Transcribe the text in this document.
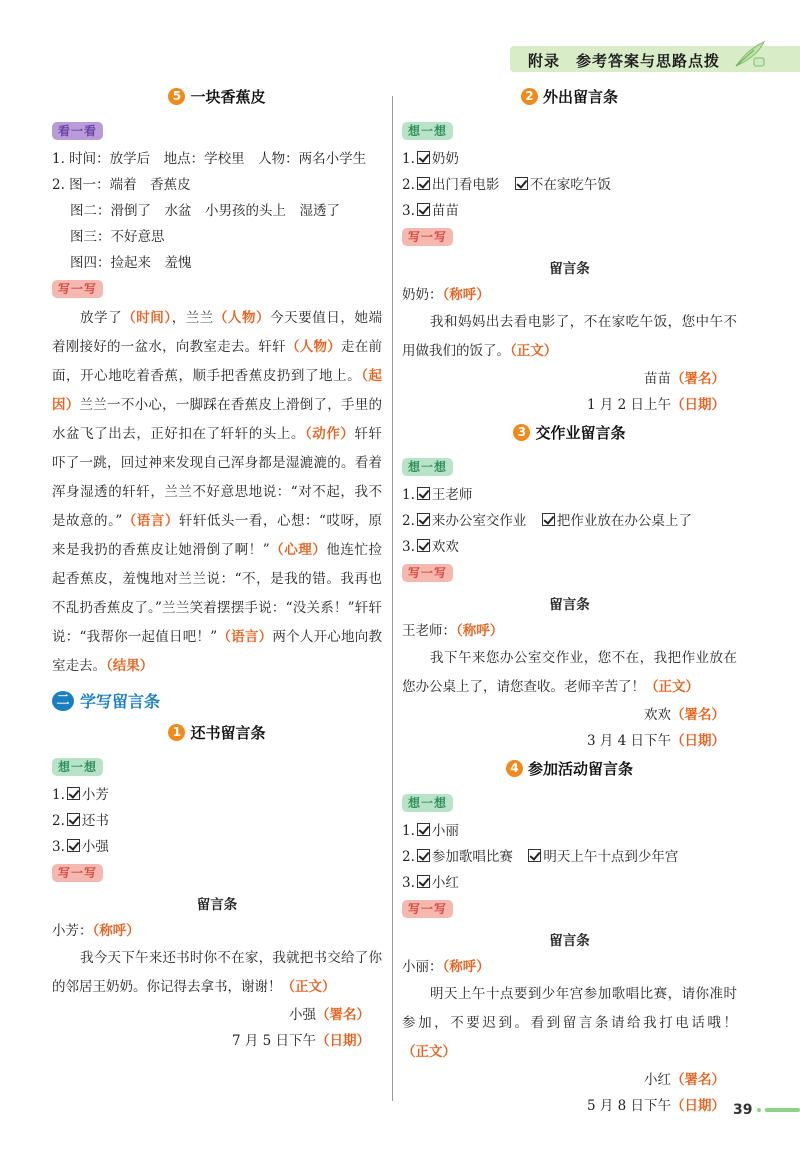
附录　参考答案与思路点拨
5 一块香蕉皮
看一看
1. 时间：放学后　地点：学校里　人物：两名小学生
2. 图一：端着　香蕉皮
图二：滑倒了　水盆　小男孩的头上　湿透了
图三：不好意思
图四：捡起来　羞愧
写一写

放学了（时间），兰兰（人物）今天要值日，她端着刚接好的一盆水，向教室走去。轩轩（人物）走在前面，开心地吃着香蕉，顺手把香蕉皮扔到了地上。（起因）兰兰一不小心，一脚踩在香蕉皮上滑倒了，手里的水盆飞了出去，正好扣在了轩轩的头上。（动作）轩轩吓了一跳，回过神来发现自己浑身都是湿漉漉的。看着浑身湿透的轩轩，兰兰不好意思地说：“对不起，我不是故意的。”（语言）轩轩低头一看，心想：“哎呀，原来是我扔的香蕉皮让她滑倒了啊！”（心理）他连忙捡起香蕉皮，羞愧地对兰兰说：“不，是我的错。我再也不乱扔香蕉皮了。”兰兰笑着摆摆手说：“没关系！”轩轩说：“我帮你一起值日吧！”（语言）两个人开心地向教室走去。（结果）

二 学写留言条
1 还书留言条
想一想
1. 小芳
2. 还书
3. 小强
写一写
留言条
小芳：（称呼）

我今天下午来还书时你不在家，我就把书交给了你的邻居王奶奶。你记得去拿书，谢谢！（正文）

小强（署名）
7 月 5 日下午（日期）
2 外出留言条
想一想
1. 奶奶
2. 出门看电影　 不在家吃午饭
3. 苗苗
写一写
留言条
奶奶：（称呼）

我和妈妈出去看电影了，不在家吃午饭，您中午不用做我们的饭了。（正文）

苗苗（署名）
1 月 2 日上午（日期）
3 交作业留言条
想一想
1. 王老师
2. 来办公室交作业　 把作业放在办公桌上了
3. 欢欢
写一写
留言条
王老师：（称呼）

我下午来您办公室交作业，您不在，我把作业放在您办公桌上了，请您查收。老师辛苦了！（正文）

欢欢（署名）
3 月 4 日下午（日期）
4 参加活动留言条
想一想
1. 小丽
2. 参加歌唱比赛　 明天上午十点到少年宫
3. 小红
写一写
留言条
小丽：（称呼）

明天上午十点要到少年宫参加歌唱比赛，请你准时参加，不要迟到。看到留言条请给我打电话哦！（正文）

小红（署名）
5 月 8 日下午（日期） 39
